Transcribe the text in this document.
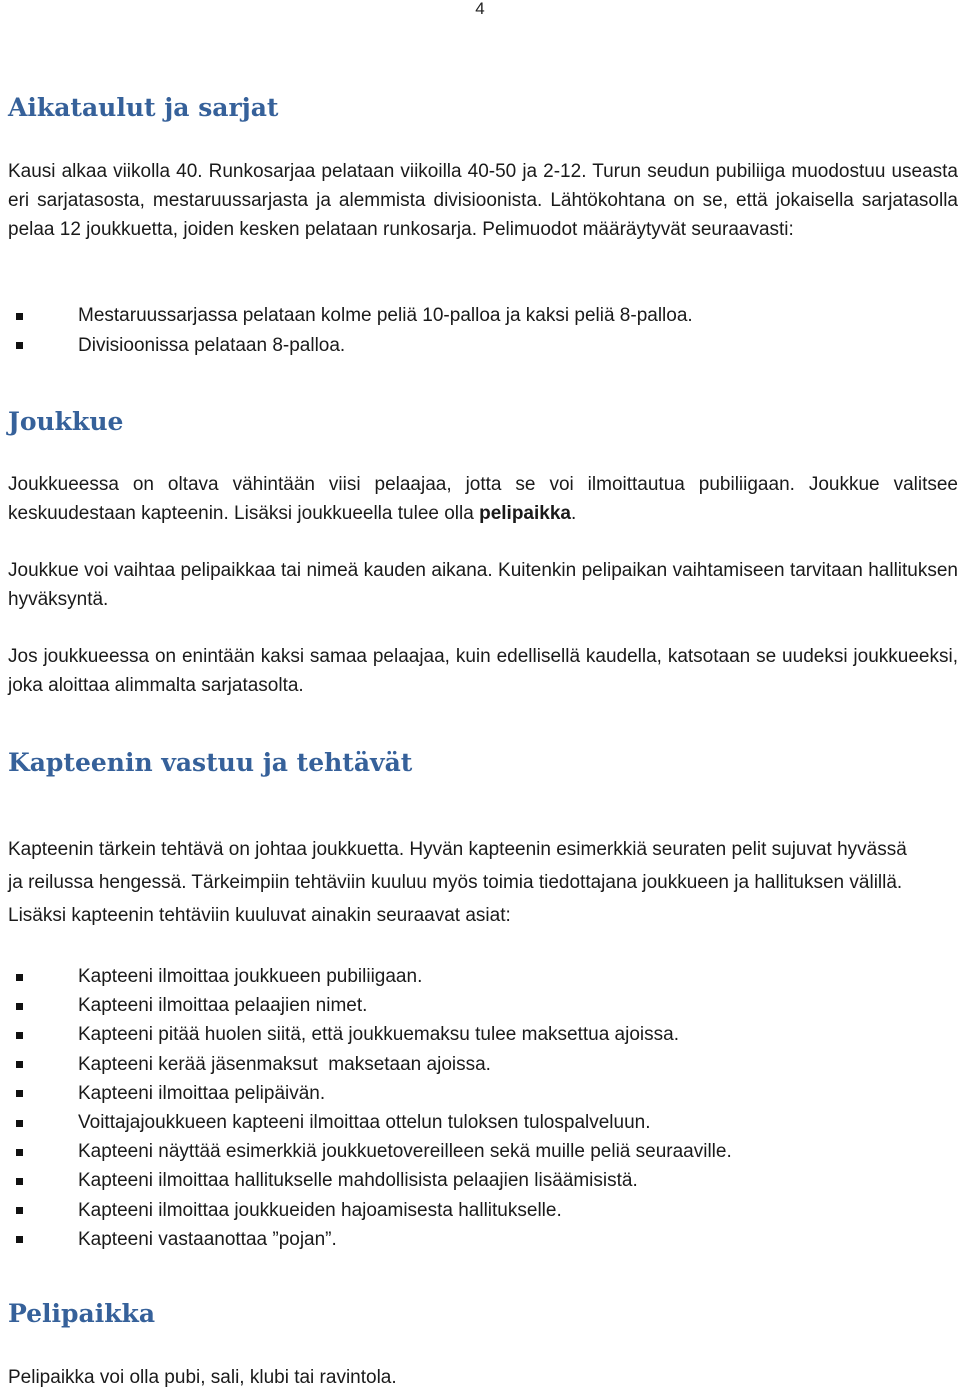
4
Aikataulut ja sarjat

Kausi alkaa viikolla 40. Runkosarjaa pelataan viikoilla 40-50 ja 2-12. Turun seudun pubiliiga muodostuu useasta eri sarjatasosta, mestaruussarjasta ja alemmista divisioonista. Lähtökohtana on se, että jokaisella sarjatasolla pelaa 12 joukkuetta, joiden kesken pelataan runkosarja. Pelimuodot määräytyvät seuraavasti:

Mestaruussarjassa pelataan kolme peliä 10-palloa ja kaksi peliä 8-palloa.
Divisioonissa pelataan 8-palloa.
Joukkue

Joukkueessa on oltava vähintään viisi pelaajaa, jotta se voi ilmoittautua pubiliigaan. Joukkue valitsee keskuudestaan kapteenin. Lisäksi joukkueella tulee olla pelipaikka.

Joukkue voi vaihtaa pelipaikkaa tai nimeä kauden aikana. Kuitenkin pelipaikan vaihtamiseen tarvitaan hallituksen hyväksyntä.

Jos joukkueessa on enintään kaksi samaa pelaajaa, kuin edellisellä kaudella, katsotaan se uudeksi joukkueeksi, joka aloittaa alimmalta sarjatasolta.

Kapteenin vastuu ja tehtävät

Kapteenin tärkein tehtävä on johtaa joukkuetta. Hyvän kapteenin esimerkkiä seuraten pelit sujuvat hyvässä ja reilussa hengessä. Tärkeimpiin tehtäviin kuuluu myös toimia tiedottajana joukkueen ja hallituksen välillä. Lisäksi kapteenin tehtäviin kuuluvat ainakin seuraavat asiat:

Kapteeni ilmoittaa joukkueen pubiliigaan.
Kapteeni ilmoittaa pelaajien nimet.
Kapteeni pitää huolen siitä, että joukkuemaksu tulee maksettua ajoissa.
Kapteeni kerää jäsenmaksut  maksetaan ajoissa.
Kapteeni ilmoittaa pelipäivän.
Voittajajoukkueen kapteeni ilmoittaa ottelun tuloksen tulospalveluun.
Kapteeni näyttää esimerkkiä joukkuetovereilleen sekä muille peliä seuraaville.
Kapteeni ilmoittaa hallitukselle mahdollisista pelaajien lisäämisistä.
Kapteeni ilmoittaa joukkueiden hajoamisesta hallitukselle.
Kapteeni vastaanottaa ”pojan”.
Pelipaikka

Pelipaikka voi olla pubi, sali, klubi tai ravintola.
